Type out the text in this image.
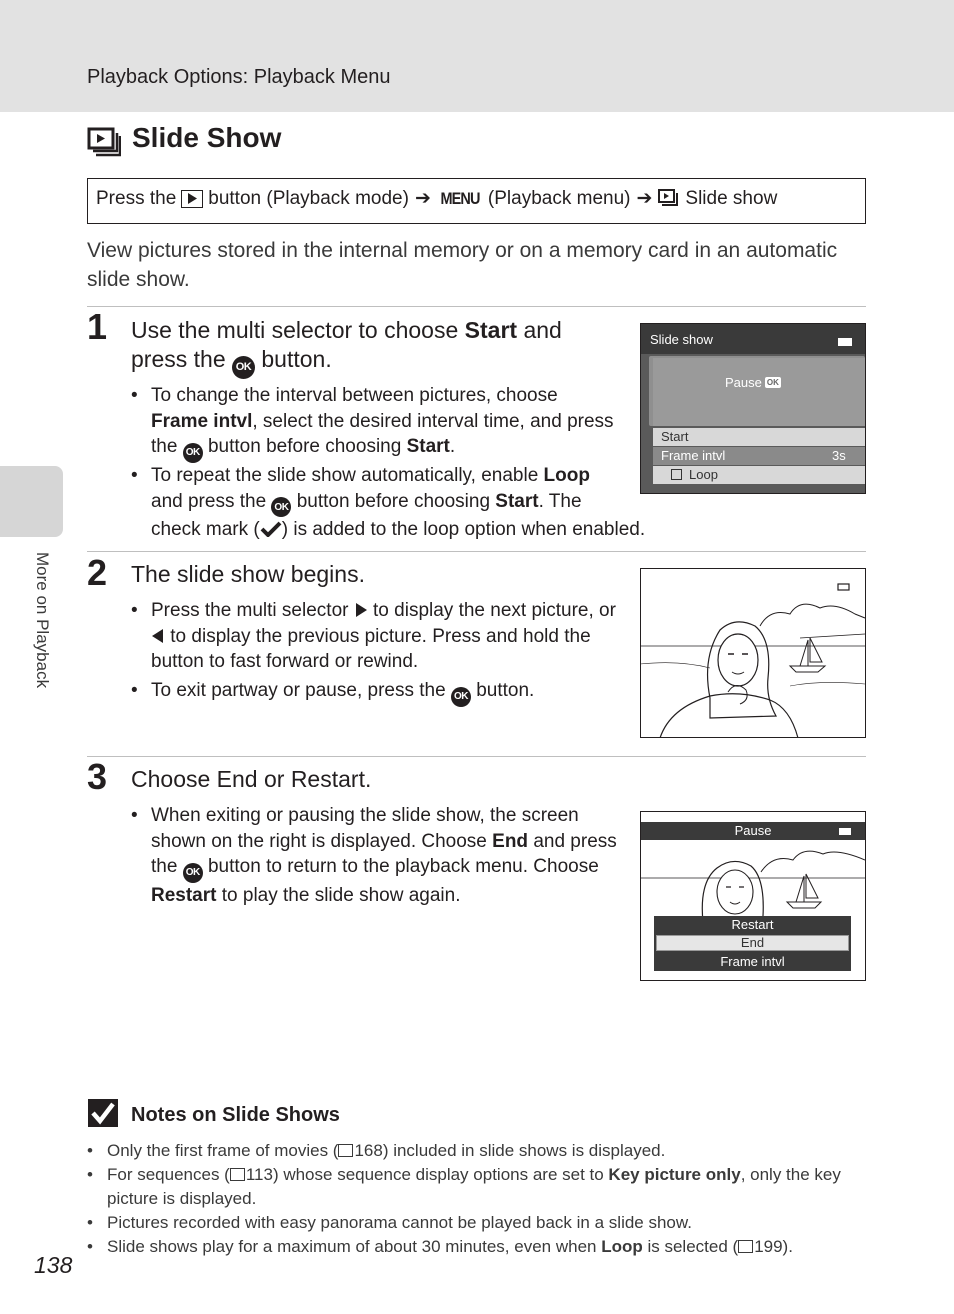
Playback Options: Playback Menu
Slide Show
Press the button (Playback mode) ➔ MENU (Playback menu) ➔ Slide show
View pictures stored in the internal memory or on a memory card in an automatic slide show.
1 Use the multi selector to choose Start and
press the OK button.
• To change the interval between pictures, choose
Frame intvl, select the desired interval time, and press
the OK button before choosing Start.
• To repeat the slide show automatically, enable Loop
and press the OK button before choosing Start. The
check mark ( ) is added to the loop option when enabled.
Slide show
Pause OK
Start
Frame intvl	3s
Loop
2 The slide show begins.
• Press the multi selector  to display the next picture, or
to display the previous picture. Press and hold the
button to fast forward or rewind.
• To exit partway or pause, press the OK button.
3 Choose End or Restart.
• When exiting or pausing the slide show, the screen
shown on the right is displayed. Choose End and press
the OK button to return to the playback menu. Choose
Restart to play the slide show again.
Pause
Restart
End
Frame intvl
More on Playback
Notes on Slide Shows
• Only the first frame of movies ( 168) included in slide shows is displayed.
• For sequences ( 113) whose sequence display options are set to Key picture only, only the key
picture is displayed.
• Pictures recorded with easy panorama cannot be played back in a slide show.
• Slide shows play for a maximum of about 30 minutes, even when Loop is selected ( 199).
138
